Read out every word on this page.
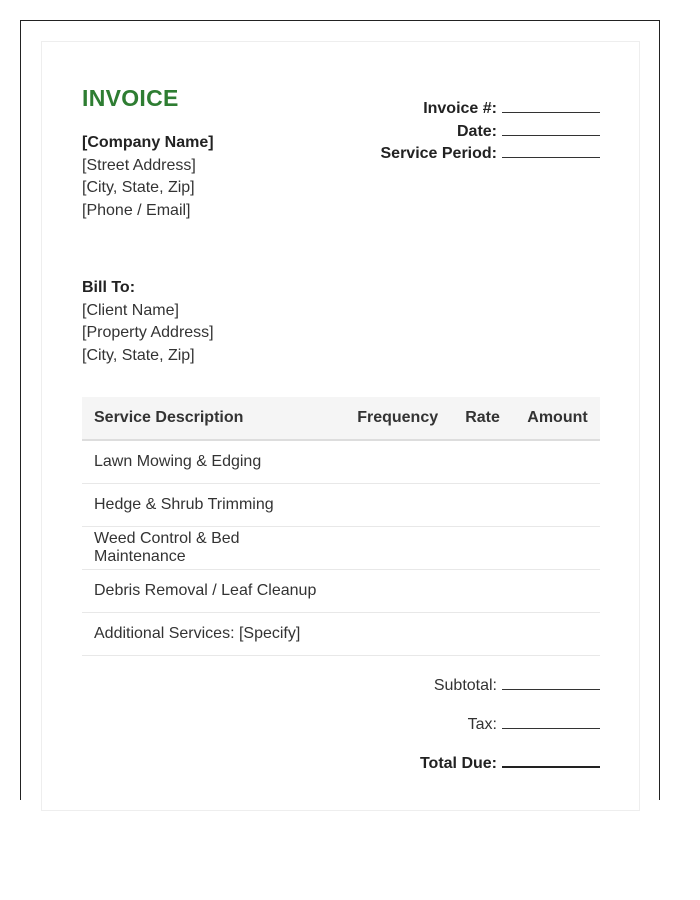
INVOICE
[Company Name]
[Street Address]
[City, State, Zip]
[Phone / Email]
Invoice #:
Date:
Service Period:
Bill To:
[Client Name]
[Property Address]
[City, State, Zip]
Service Description	Frequency	Rate	Amount
Lawn Mowing & Edging			
Hedge & Shrub Trimming			
Weed Control & Bed Maintenance			
Debris Removal / Leaf Cleanup			
Additional Services: [Specify]			
Subtotal:
Tax:
Total Due:
